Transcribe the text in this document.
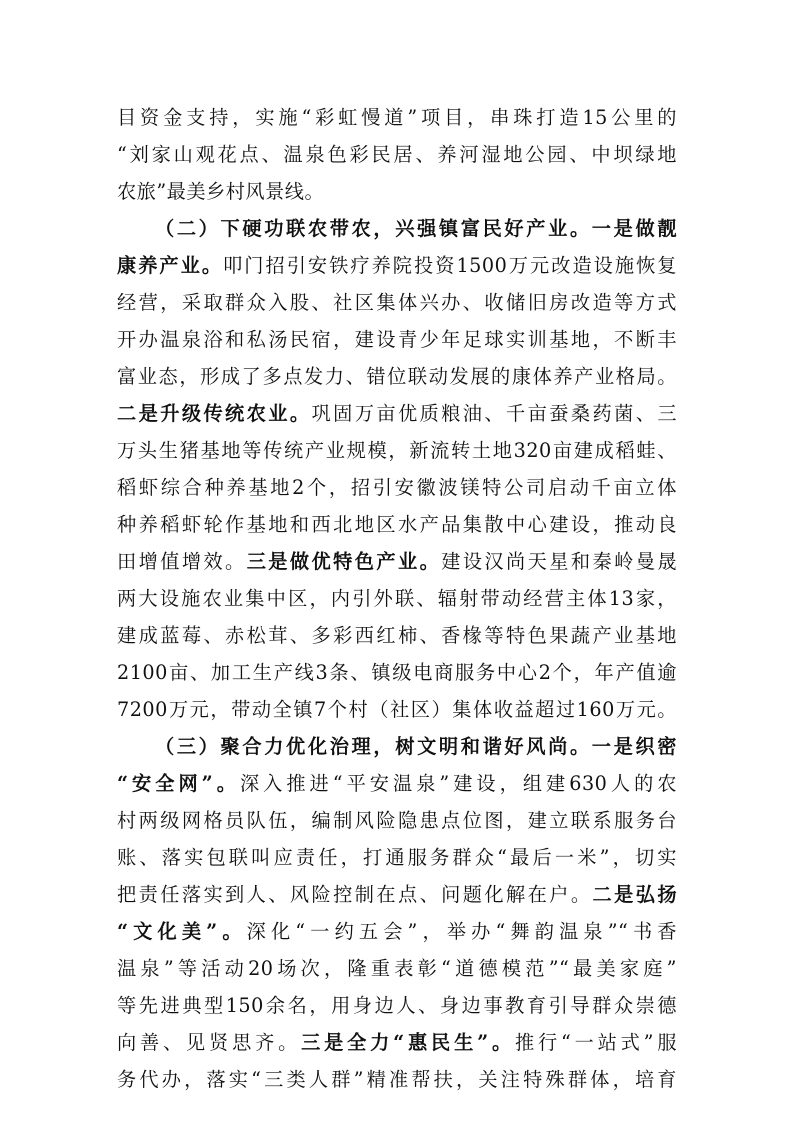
目资金支持，实施“彩虹慢道”项目，串珠打造15公里的
“刘家山观花点、温泉色彩民居、养河湿地公园、中坝绿地
农旅”最美乡村风景线。
（二）下硬功联农带农，兴强镇富民好产业。一是做靓
康养产业。叩门招引安铁疗养院投资1500万元改造设施恢复
经营，采取群众入股、社区集体兴办、收储旧房改造等方式
开办温泉浴和私汤民宿，建设青少年足球实训基地，不断丰
富业态，形成了多点发力、错位联动发展的康体养产业格局。
二是升级传统农业。巩固万亩优质粮油、千亩蚕桑药菌、三
万头生猪基地等传统产业规模，新流转土地320亩建成稻蛙、
稻虾综合种养基地2个，招引安徽波镁特公司启动千亩立体
种养稻虾轮作基地和西北地区水产品集散中心建设，推动良
田增值增效。三是做优特色产业。建设汉尚天星和秦岭曼晟
两大设施农业集中区，内引外联、辐射带动经营主体13家，
建成蓝莓、赤松茸、多彩西红柿、香椽等特色果蔬产业基地
2100亩、加工生产线3条、镇级电商服务中心2个，年产值逾
7200万元，带动全镇7个村（社区）集体收益超过160万元。
（三）聚合力优化治理，树文明和谐好风尚。一是织密
“安全网”。深入推进“平安温泉”建设，组建630人的农
村两级网格员队伍，编制风险隐患点位图，建立联系服务台
账、落实包联叫应责任，打通服务群众“最后一米”，切实
把责任落实到人、风险控制在点、问题化解在户。二是弘扬
“文化美”。深化“一约五会”，举办“舞韵温泉”“书香
温泉”等活动20场次，隆重表彰“道德模范”“最美家庭”
等先进典型150余名，用身边人、身边事教育引导群众崇德
向善、见贤思齐。三是全力“惠民生”。推行“一站式”服
务代办，落实“三类人群”精准帮扶，关注特殊群体，培育
